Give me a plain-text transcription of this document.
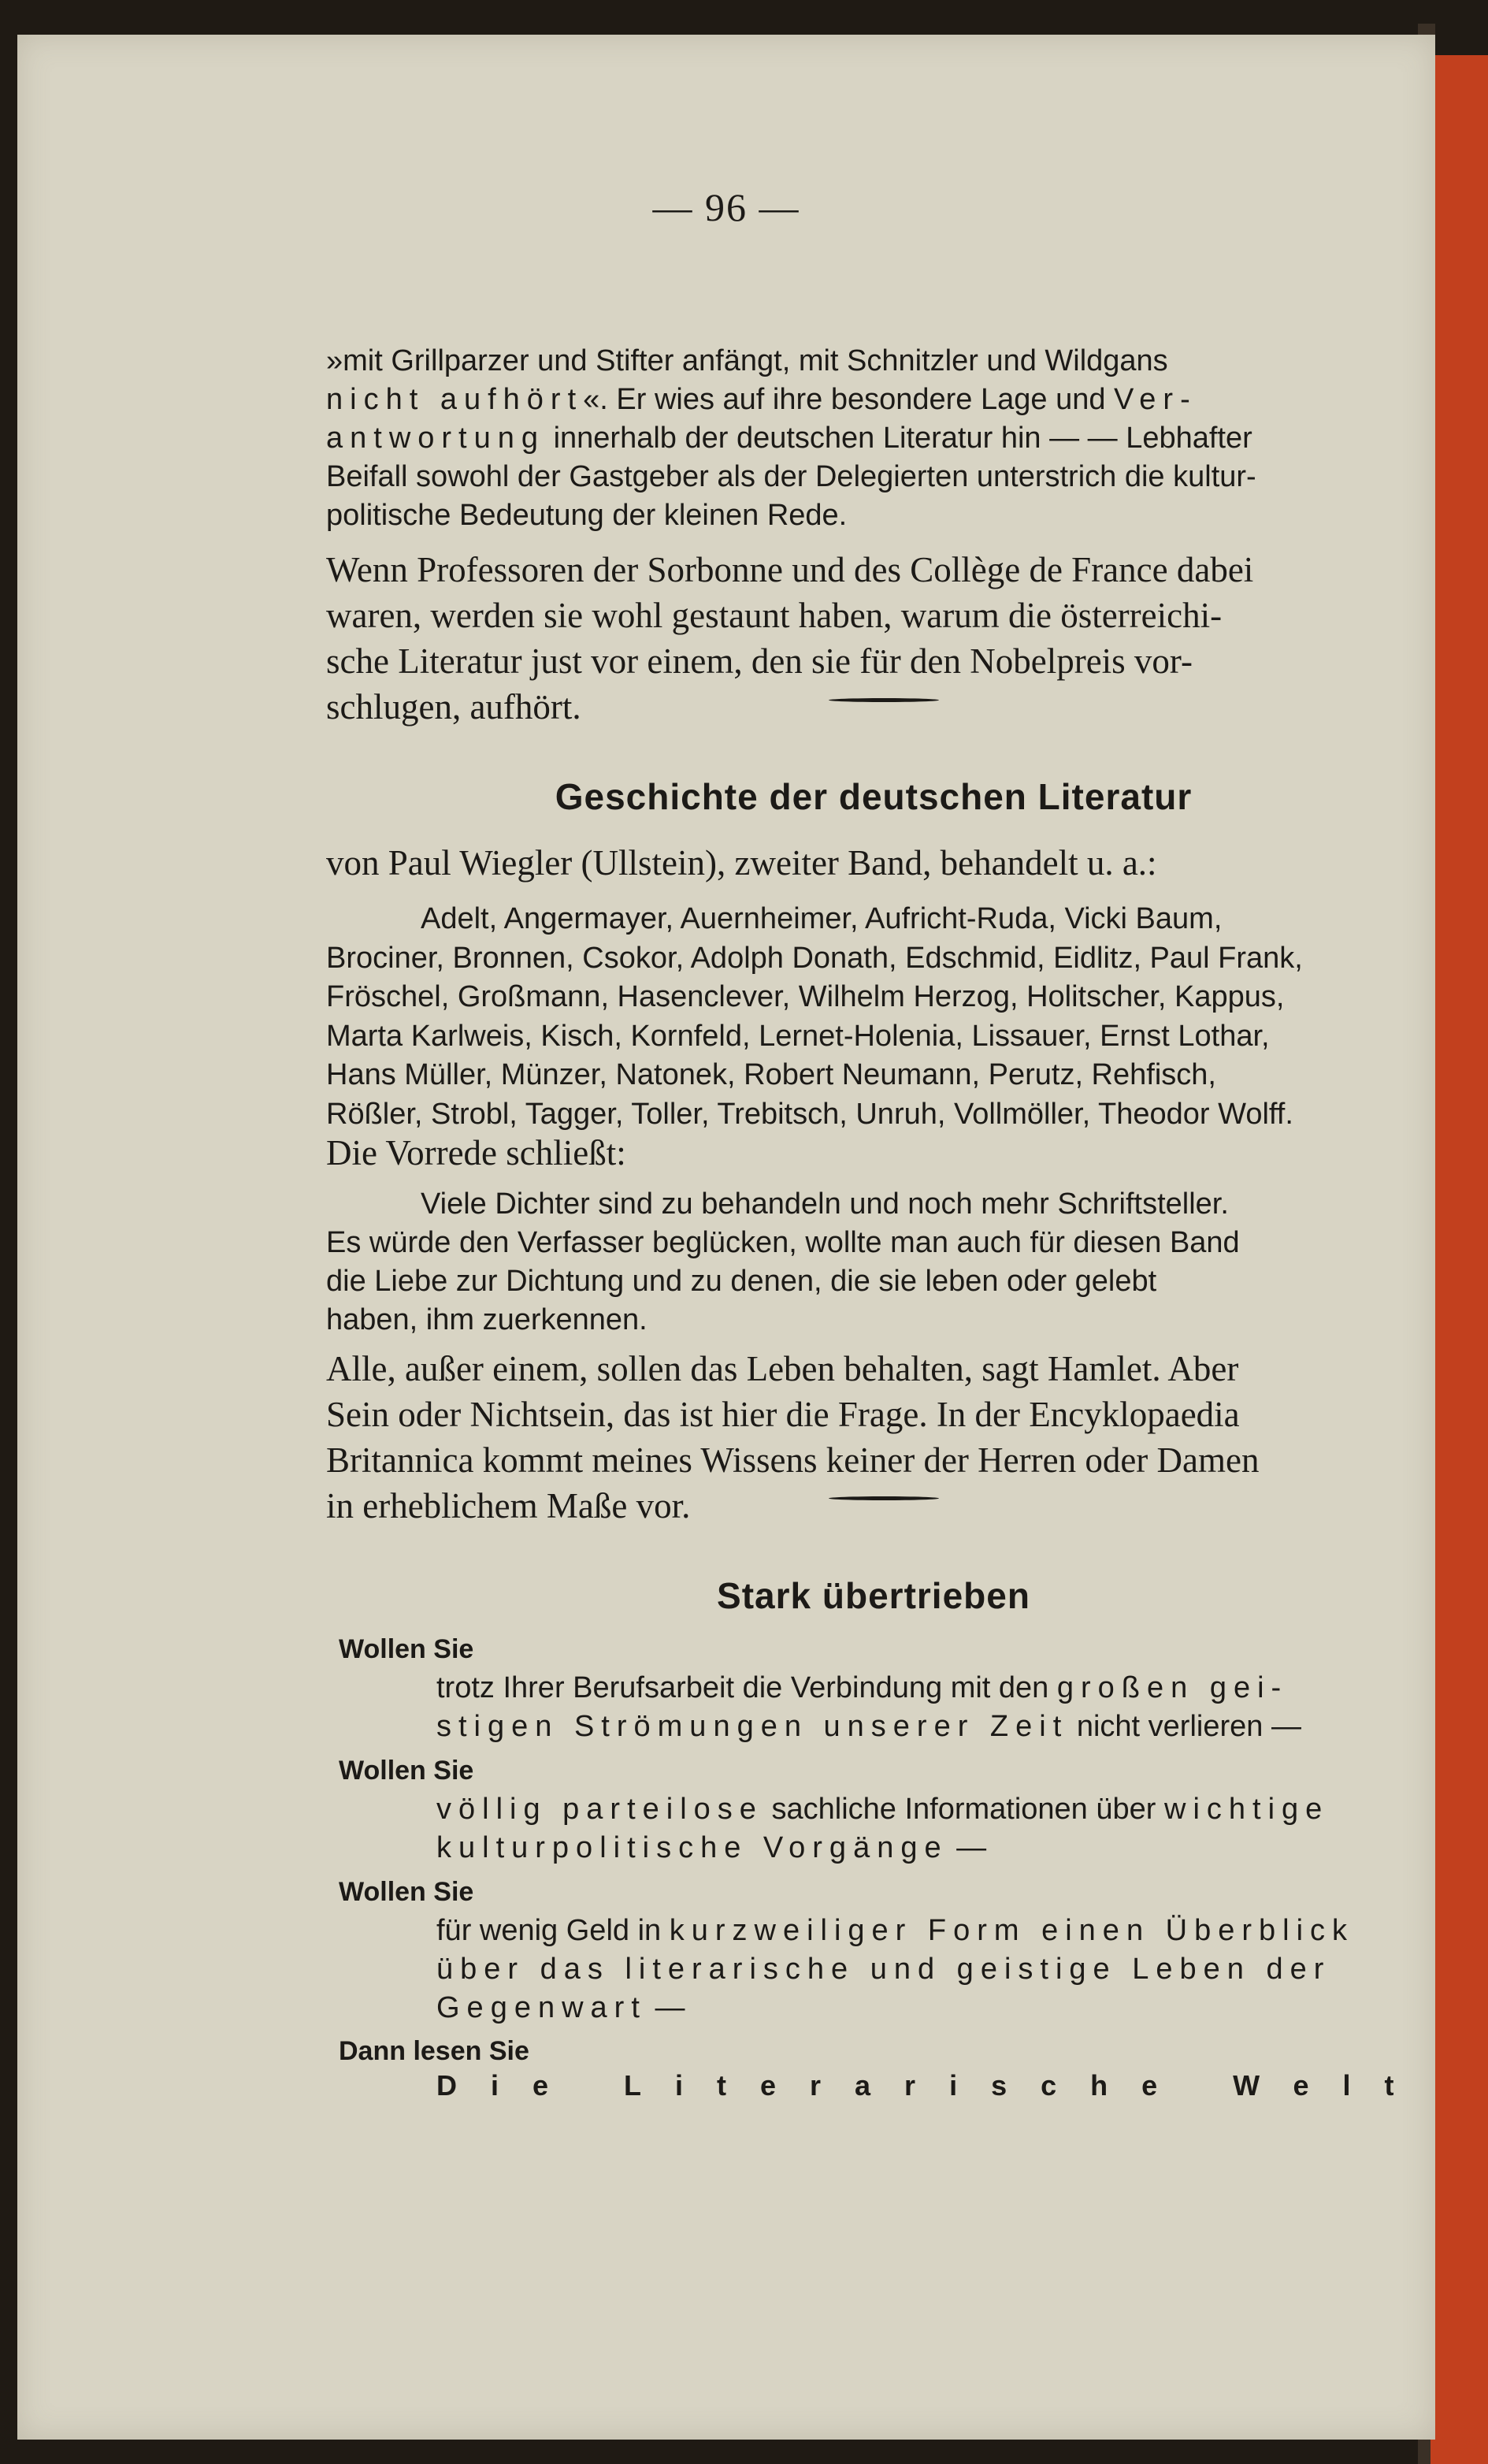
— 96 —
»mit Grillparzer und Stifter anfängt, mit Schnitzler und Wildgans
nicht aufhört«. Er wies auf ihre besondere Lage und Ver-
antwortung innerhalb der deutschen Literatur hin — — Lebhafter
Beifall sowohl der Gastgeber als der Delegierten unterstrich die kultur-
politische Bedeutung der kleinen Rede.
Wenn Professoren der Sorbonne und des Collège de France dabei
waren, werden sie wohl gestaunt haben, warum die österreichi-
sche Literatur just vor einem, den sie für den Nobelpreis vor-
schlugen, aufhört.
Geschichte der deutschen Literatur
von Paul Wiegler (Ullstein), zweiter Band, behandelt u. a.:
Adelt, Angermayer, Auernheimer, Aufricht-Ruda, Vicki Baum,
Brociner, Bronnen, Csokor, Adolph Donath, Edschmid, Eidlitz, Paul Frank,
Fröschel, Großmann, Hasenclever, Wilhelm Herzog, Holitscher, Kappus,
Marta Karlweis, Kisch, Kornfeld, Lernet-Holenia, Lissauer, Ernst Lothar,
Hans Müller, Münzer, Natonek, Robert Neumann, Perutz, Rehfisch,
Rößler, Strobl, Tagger, Toller, Trebitsch, Unruh, Vollmöller, Theodor Wolff.
Die Vorrede schließt:
Viele Dichter sind zu behandeln und noch mehr Schriftsteller.
Es würde den Verfasser beglücken, wollte man auch für diesen Band
die Liebe zur Dichtung und zu denen, die sie leben oder gelebt
haben, ihm zuerkennen.
Alle, außer einem, sollen das Leben behalten, sagt Hamlet. Aber
Sein oder Nichtsein, das ist hier die Frage. In der Encyklopaedia
Britannica kommt meines Wissens keiner der Herren oder Damen
in erheblichem Maße vor.
Stark übertrieben
Wollen Sie
trotz Ihrer Berufsarbeit die Verbindung mit den großen gei-
stigen Strömungen unserer Zeit nicht verlieren —
Wollen Sie
völlig parteilose sachliche Informationen über wichtige
kulturpolitische Vorgänge —
Wollen Sie
für wenig Geld in kurzweiliger Form einen Überblick
über das literarische und geistige Leben der
Gegenwart —
Dann lesen Sie
Die Literarische Welt
